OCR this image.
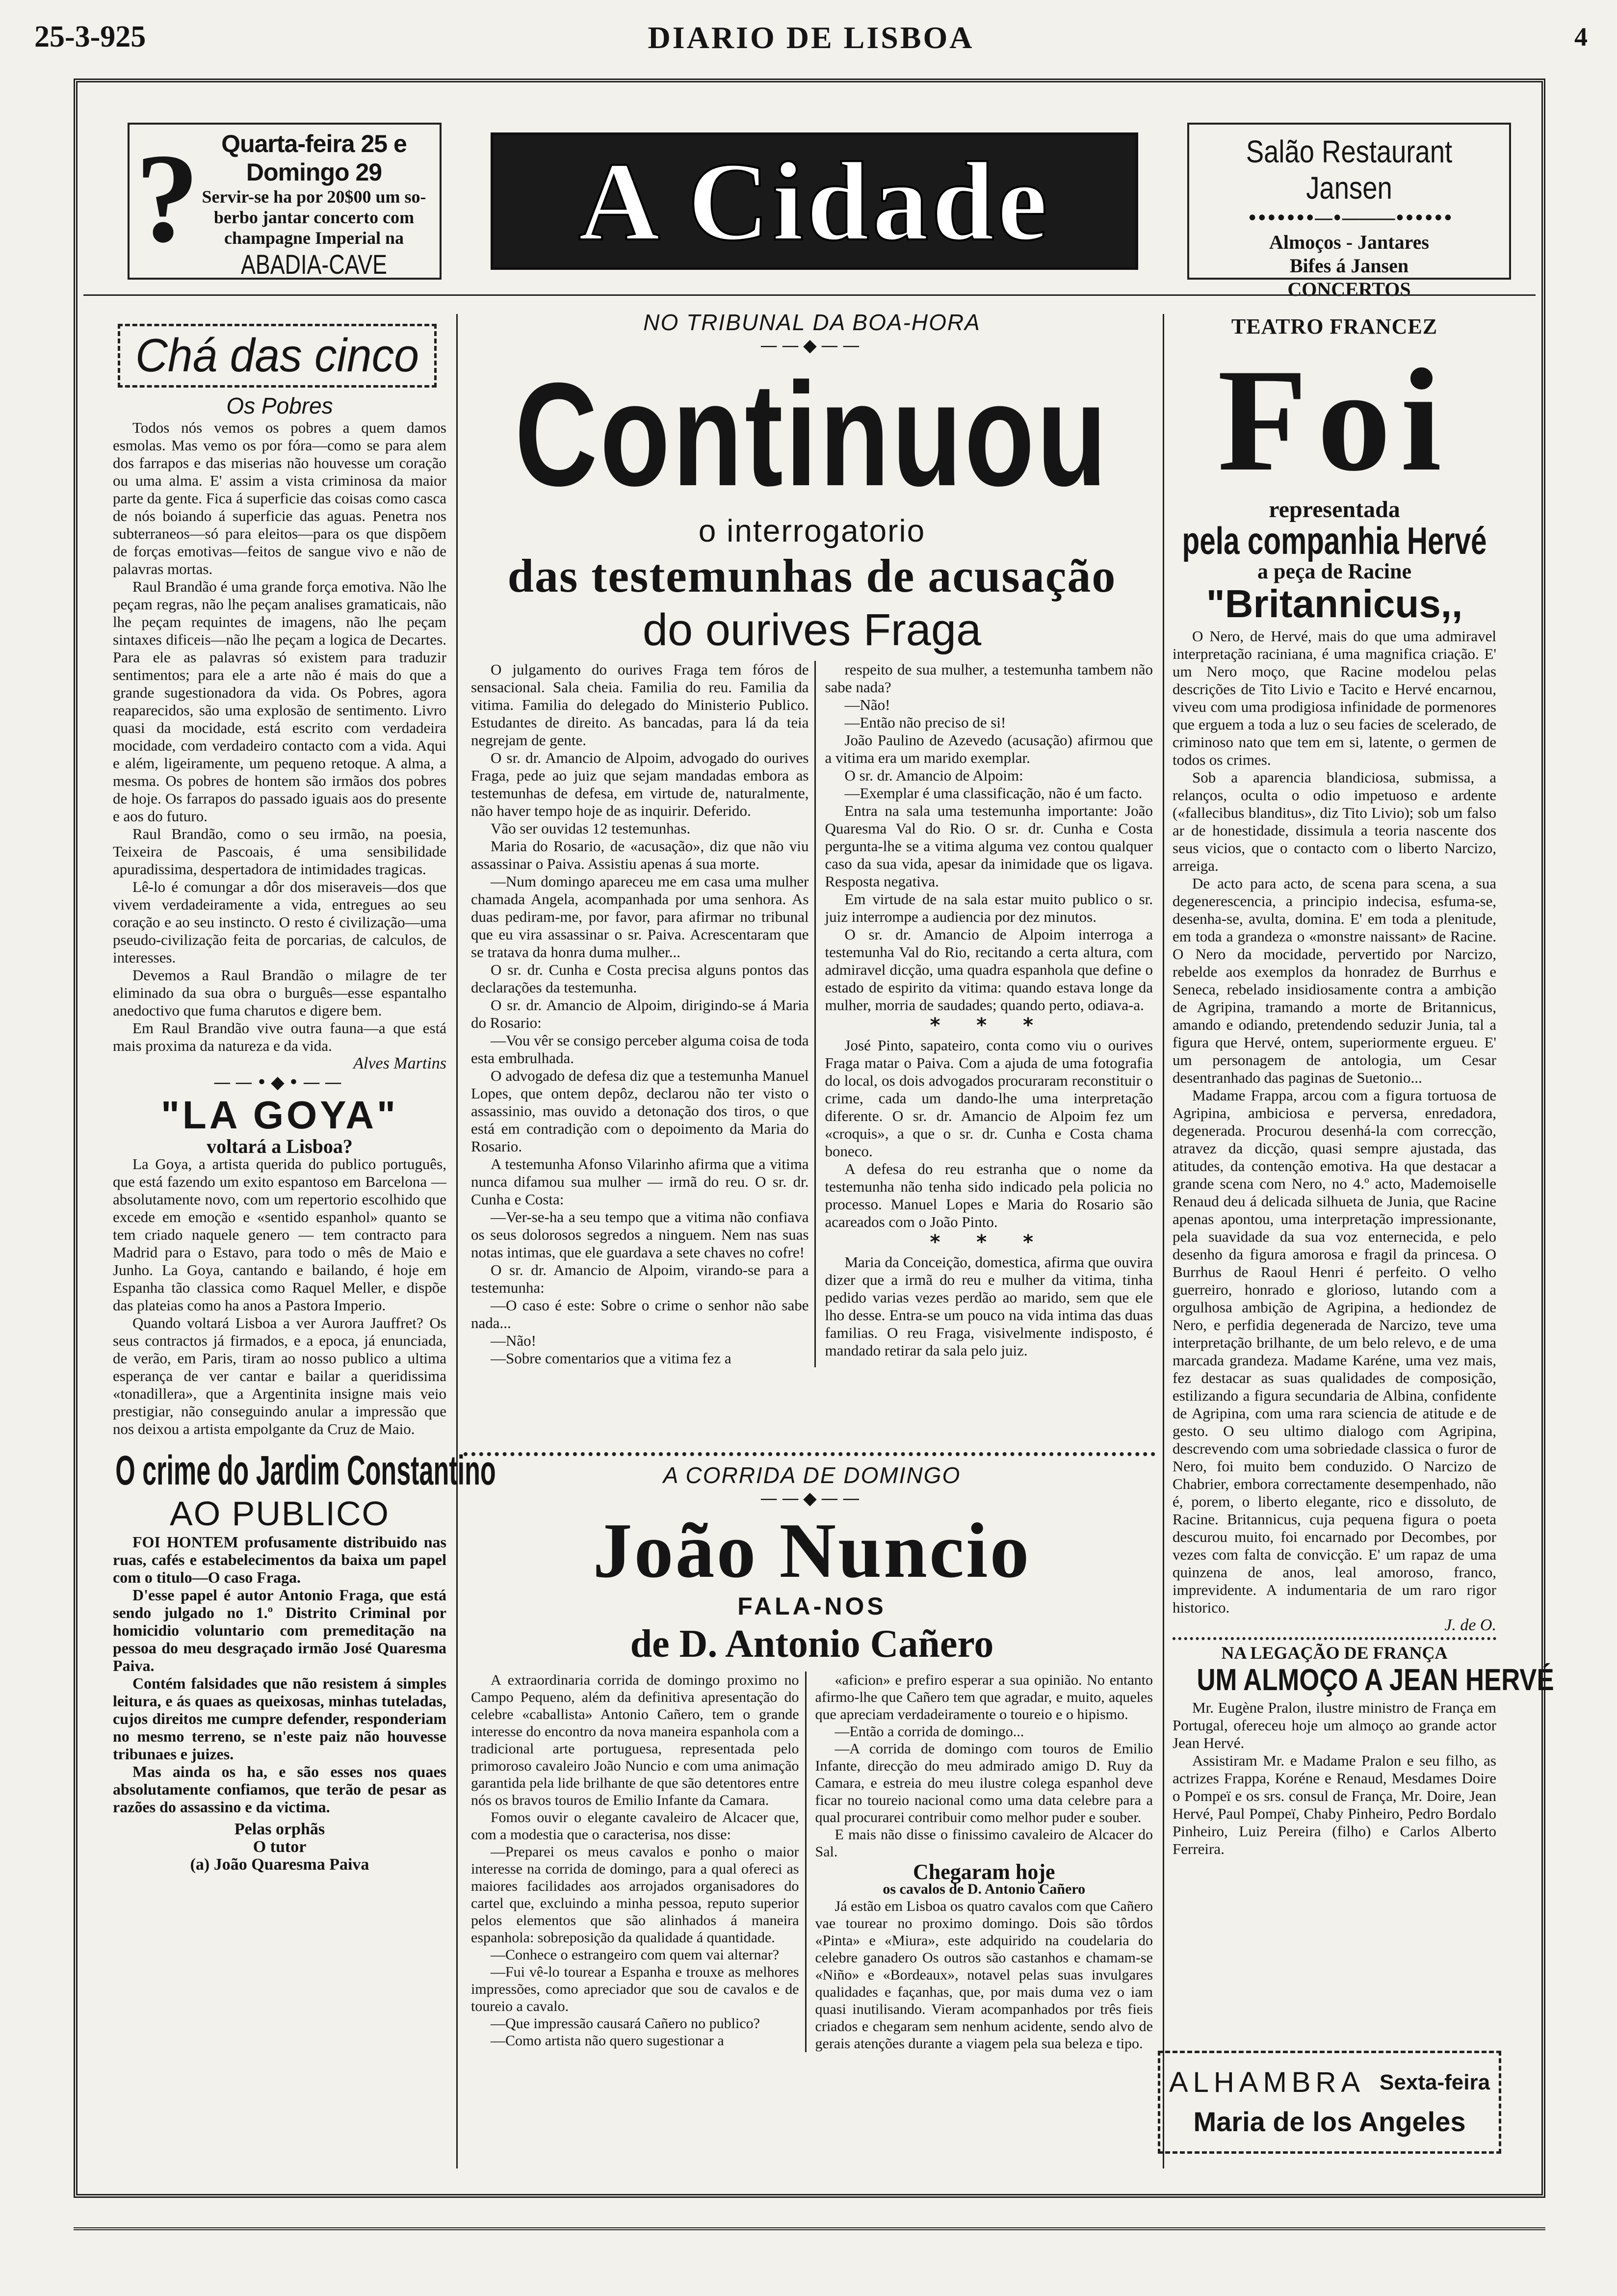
25-3-925	DIARIO DE LISBOA	4
? Quarta-feira 25 e Domingo 29
Servir-se ha por 20$00 um so-berbo jantar concerto com champagne Imperial na
ABADIA-CAVE
A Cidade	Salão Restaurant Jansen
•••••••—•———••••••
Almoços - Jantares
Bifes á Jansen
CONCERTOS
Chá das cinco
Os Pobres

Todos nós vemos os pobres a quem damos esmolas. Mas vemo os por fóra—como se para alem dos farrapos e das miserias não houvesse um coração ou uma alma. E' assim a vista criminosa da maior parte da gente. Fica á superficie das coisas como casca de nós boiando á superficie das aguas. Penetra nos subterraneos—só para eleitos—para os que dispõem de forças emotivas—feitos de sangue vivo e não de palavras mortas.

Raul Brandão é uma grande força emotiva. Não lhe peçam regras, não lhe peçam analises gramaticais, não lhe peçam requintes de imagens, não lhe peçam sintaxes dificeis—não lhe peçam a logica de Decartes. Para ele as palavras só existem para traduzir sentimentos; para ele a arte não é mais do que a grande sugestionadora da vida. Os Pobres, agora reaparecidos, são uma explosão de sentimento. Livro quasi da mocidade, está escrito com verdadeira mocidade, com verdadeiro contacto com a vida. Aqui e além, ligeiramente, um pequeno retoque. A alma, a mesma. Os pobres de hontem são irmãos dos pobres de hoje. Os farrapos do passado iguais aos do presente e aos do futuro.

Raul Brandão, como o seu irmão, na poesia, Teixeira de Pascoais, é uma sensibilidade apuradissima, despertadora de intimidades tragicas.

Lê-lo é comungar a dôr dos miseraveis—dos que vivem verdadeiramente a vida, entregues ao seu coração e ao seu instincto. O resto é civilização—uma pseudo-civilização feita de porcarias, de calculos, de interesses.

Devemos a Raul Brandão o milagre de ter eliminado da sua obra o burguês—esse espantalho anedoctivo que fuma charutos e digere bem.

Em Raul Brandão vive outra fauna—a que está mais proxima da natureza e da vida.

Alves Martins
——•◆•——
"LA GOYA"
voltará a Lisboa?

La Goya, a artista querida do publico português, que está fazendo um exito espantoso em Barcelona — absolutamente novo, com um repertorio escolhido que excede em emoção e «sentido espanhol» quanto se tem criado naquele genero — tem contracto para Madrid para o Estavo, para todo o mês de Maio e Junho. La Goya, cantando e bailando, é hoje em Espanha tão classica como Raquel Meller, e dispõe das plateias como ha anos a Pastora Imperio.

Quando voltará Lisboa a ver Aurora Jauffret? Os seus contractos já firmados, e a epoca, já enunciada, de verão, em Paris, tiram ao nosso publico a ultima esperança de ver cantar e bailar a queridissima «tonadillera», que a Argentinita insigne mais veio prestigiar, não conseguindo anular a impressão que nos deixou a artista empolgante da Cruz de Maio.

O crime do Jardim Constantino
AO PUBLICO

FOI HONTEM profusamente distribuido nas ruas, cafés e estabelecimentos da baixa um papel com o titulo—O caso Fraga.

D'esse papel é autor Antonio Fraga, que está sendo julgado no 1.º Distrito Criminal por homicidio voluntario com premeditação na pessoa do meu desgraçado irmão José Quaresma Paiva.

Contém falsidades que não resistem á simples leitura, e ás quaes as queixosas, minhas tuteladas, cujos direitos me cumpre defender, responderiam no mesmo terreno, se n'este paiz não houvesse tribunaes e juizes.

Mas ainda os ha, e são esses nos quaes absolutamente confiamos, que terão de pesar as razões do assassino e da victima.

Pelas orphãs
O tutor
(a) João Quaresma Paiva
NO TRIBUNAL DA BOA-HORA
——◆——
Continuou
o interrogatorio
das testemunhas de acusação
do ourives Fraga

O julgamento do ourives Fraga tem fóros de sensacional. Sala cheia. Familia do reu. Familia da vitima. Familia do delegado do Ministerio Publico. Estudantes de direito. As bancadas, para lá da teia negrejam de gente.

O sr. dr. Amancio de Alpoim, advogado do ourives Fraga, pede ao juiz que sejam mandadas embora as testemunhas de defesa, em virtude de, naturalmente, não haver tempo hoje de as inquirir. Deferido.

Vão ser ouvidas 12 testemunhas.

Maria do Rosario, de «acusação», diz que não viu assassinar o Paiva. Assistiu apenas á sua morte.

—Num domingo apareceu me em casa uma mulher chamada Angela, acompanhada por uma senhora. As duas pediram-me, por favor, para afirmar no tribunal que eu vira assassinar o sr. Paiva. Acrescentaram que se tratava da honra duma mulher...

O sr. dr. Cunha e Costa precisa alguns pontos das declarações da testemunha.

O sr. dr. Amancio de Alpoim, dirigindo-se á Maria do Rosario:

—Vou vêr se consigo perceber alguma coisa de toda esta embrulhada.

O advogado de defesa diz que a testemunha Manuel Lopes, que ontem depôz, declarou não ter visto o assassinio, mas ouvido a detonação dos tiros, o que está em contradição com o depoimento da Maria do Rosario.

A testemunha Afonso Vilarinho afirma que a vitima nunca difamou sua mulher — irmã do reu. O sr. dr. Cunha e Costa:

—Ver-se-ha a seu tempo que a vitima não confiava os seus dolorosos segredos a ninguem. Nem nas suas notas intimas, que ele guardava a sete chaves no cofre!

O sr. dr. Amancio de Alpoim, virando-se para a testemunha:

—O caso é este: Sobre o crime o senhor não sabe nada...

—Não!

—Sobre comentarios que a vitima fez a

respeito de sua mulher, a testemunha tambem não sabe nada?

—Não!

—Então não preciso de si!

João Paulino de Azevedo (acusação) afirmou que a vitima era um marido exemplar.

O sr. dr. Amancio de Alpoim:

—Exemplar é uma classificação, não é um facto.

Entra na sala uma testemunha importante: João Quaresma Val do Rio. O sr. dr. Cunha e Costa pergunta-lhe se a vitima alguma vez contou qualquer caso da sua vida, apesar da inimidade que os ligava. Resposta negativa.

Em virtude de na sala estar muito publico o sr. juiz interrompe a audiencia por dez minutos.

O sr. dr. Amancio de Alpoim interroga a testemunha Val do Rio, recitando a certa altura, com admiravel dicção, uma quadra espanhola que define o estado de espirito da vitima: quando estava longe da mulher, morria de saudades; quando perto, odiava-a.

* * *

José Pinto, sapateiro, conta como viu o ourives Fraga matar o Paiva. Com a ajuda de uma fotografia do local, os dois advogados procuraram reconstituir o crime, cada um dando-lhe uma interpretação diferente. O sr. dr. Amancio de Alpoim fez um «croquis», a que o sr. dr. Cunha e Costa chama boneco.

A defesa do reu estranha que o nome da testemunha não tenha sido indicado pela policia no processo. Manuel Lopes e Maria do Rosario são acareados com o João Pinto.

* * *

Maria da Conceição, domestica, afirma que ouvira dizer que a irmã do reu e mulher da vitima, tinha pedido varias vezes perdão ao marido, sem que ele lho desse. Entra-se um pouco na vida intima das duas familias. O reu Fraga, visivelmente indisposto, é mandado retirar da sala pelo juiz.

A CORRIDA DE DOMINGO
——◆——
João Nuncio
FALA-NOS
de D. Antonio Cañero

A extraordinaria corrida de domingo proximo no Campo Pequeno, além da definitiva apresentação do celebre «caballista» Antonio Cañero, tem o grande interesse do encontro da nova maneira espanhola com a tradicional arte portuguesa, representada pelo primoroso cavaleiro João Nuncio e com uma animação garantida pela lide brilhante de que são detentores entre nós os bravos touros de Emilio Infante da Camara.

Fomos ouvir o elegante cavaleiro de Alcacer que, com a modestia que o caracterisa, nos disse:

—Preparei os meus cavalos e ponho o maior interesse na corrida de domingo, para a qual ofereci as maiores facilidades aos arrojados organisadores do cartel que, excluindo a minha pessoa, reputo superior pelos elementos que são alinhados á maneira espanhola: sobreposição da qualidade á quantidade.

—Conhece o estrangeiro com quem vai alternar?

—Fui vê-lo tourear a Espanha e trouxe as melhores impressões, como apreciador que sou de cavalos e de toureio a cavalo.

—Que impressão causará Cañero no publico?

—Como artista não quero sugestionar a

«aficion» e prefiro esperar a sua opinião. No entanto afirmo-lhe que Cañero tem que agradar, e muito, aqueles que apreciam verdadeiramente o toureio e o hipismo.

—Então a corrida de domingo...

—A corrida de domingo com touros de Emilio Infante, direcção do meu admirado amigo D. Ruy da Camara, e estreia do meu ilustre colega espanhol deve ficar no toureio nacional como uma data celebre para a qual procurarei contribuir como melhor puder e souber.

E mais não disse o finissimo cavaleiro de Alcacer do Sal.

Chegaram hoje
os cavalos de D. Antonio Cañero

Já estão em Lisboa os quatro cavalos com que Cañero vae tourear no proximo domingo. Dois são tôrdos «Pinta» e «Miura», este adquirido na coudelaria do celebre ganadero Os outros são castanhos e chamam-se «Niño» e «Bordeaux», notavel pelas suas invulgares qualidades e façanhas, que, por mais duma vez o iam quasi inutilisando. Vieram acompanhados por três fieis criados e chegaram sem nenhum acidente, sendo alvo de gerais atenções durante a viagem pela sua beleza e tipo.

TEATRO FRANCEZ
Foi
representada
pela companhia Hervé
a peça de Racine
"Britannicus,,

O Nero, de Hervé, mais do que uma admiravel interpretação raciniana, é uma magnifica criação. E' um Nero moço, que Racine modelou pelas descrições de Tito Livio e Tacito e Hervé encarnou, viveu com uma prodigiosa infinidade de pormenores que erguem a toda a luz o seu facies de scelerado, de criminoso nato que tem em si, latente, o germen de todos os crimes.

Sob a aparencia blandiciosa, submissa, a relanços, oculta o odio impetuoso e ardente («fallecibus blanditus», diz Tito Livio); sob um falso ar de honestidade, dissimula a teoria nascente dos seus vicios, que o contacto com o liberto Narcizo, arreiga.

De acto para acto, de scena para scena, a sua degenerescencia, a principio indecisa, esfuma-se, desenha-se, avulta, domina. E' em toda a plenitude, em toda a grandeza o «monstre naissant» de Racine. O Nero da mocidade, pervertido por Narcizo, rebelde aos exemplos da honradez de Burrhus e Seneca, rebelado insidiosamente contra a ambição de Agripina, tramando a morte de Britannicus, amando e odiando, pretendendo seduzir Junia, tal a figura que Hervé, ontem, superiormente ergueu. E' um personagem de antologia, um Cesar desentranhado das paginas de Suetonio...

Madame Frappa, arcou com a figura tortuosa de Agripina, ambiciosa e perversa, enredadora, degenerada. Procurou desenhá-la com correcção, atravez da dicção, quasi sempre ajustada, das atitudes, da contenção emotiva. Ha que destacar a grande scena com Nero, no 4.º acto, Mademoiselle Renaud deu á delicada silhueta de Junia, que Racine apenas apontou, uma interpretação impressionante, pela suavidade da sua voz enternecida, e pelo desenho da figura amorosa e fragil da princesa. O Burrhus de Raoul Henri é perfeito. O velho guerreiro, honrado e glorioso, lutando com a orgulhosa ambição de Agripina, a hediondez de Nero, e perfidia degenerada de Narcizo, teve uma interpretação brilhante, de um belo relevo, e de uma marcada grandeza. Madame Karéne, uma vez mais, fez destacar as suas qualidades de composição, estilizando a figura secundaria de Albina, confidente de Agripina, com uma rara sciencia de atitude e de gesto. O seu ultimo dialogo com Agripina, descrevendo com uma sobriedade classica o furor de Nero, foi muito bem conduzido. O Narcizo de Chabrier, embora correctamente desempenhado, não é, porem, o liberto elegante, rico e dissoluto, de Racine. Britannicus, cuja pequena figura o poeta descurou muito, foi encarnado por Decombes, por vezes com falta de convicção. E' um rapaz de uma quinzena de anos, leal amoroso, franco, imprevidente. A indumentaria de um raro rigor historico.

J. de O.
NA LEGAÇÃO DE FRANÇA
UM ALMOÇO A JEAN HERVÉ

Mr. Eugène Pralon, ilustre ministro de França em Portugal, ofereceu hoje um almoço ao grande actor Jean Hervé.

Assistiram Mr. e Madame Pralon e seu filho, as actrizes Frappa, Koréne e Renaud, Mesdames Doire o Pompeï e os srs. consul de França, Mr. Doire, Jean Hervé, Paul Pompeï, Chaby Pinheiro, Pedro Bordalo Pinheiro, Luiz Pereira (filho) e Carlos Alberto Ferreira.

ALHAMBRA Sexta-feira
Maria de los Angeles
